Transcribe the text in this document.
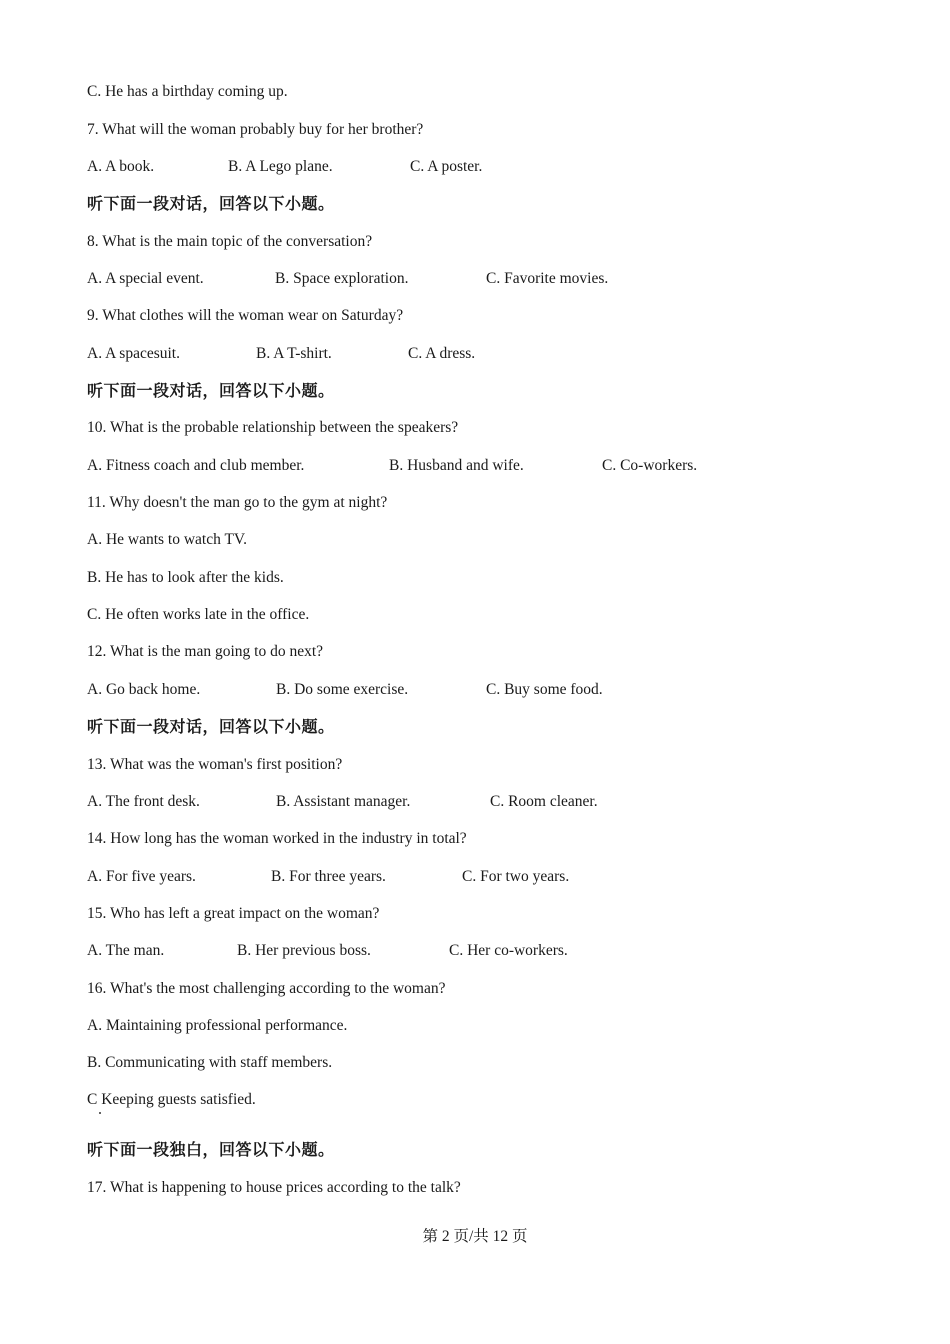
C. He has a birthday coming up.
7. What will the woman probably buy for her brother?
A. A book.	B. A Lego plane.	C. A poster.
听下面一段对话，回答以下小题。
8. What is the main topic of the conversation?
A. A special event.	B. Space exploration.	C. Favorite movies.
9. What clothes will the woman wear on Saturday?
A. A spacesuit.	B. A T-shirt.	C. A dress.
听下面一段对话，回答以下小题。
10. What is the probable relationship between the speakers?
A. Fitness coach and club member.	B. Husband and wife.	C. Co-workers.
11. Why doesn't the man go to the gym at night?
A. He wants to watch TV.
B. He has to look after the kids.
C. He often works late in the office.
12. What is the man going to do next?
A. Go back home.	B. Do some exercise.	C. Buy some food.
听下面一段对话，回答以下小题。
13. What was the woman's first position?
A. The front desk.	B. Assistant manager.	C. Room cleaner.
14. How long has the woman worked in the industry in total?
A. For five years.	B. For three years.	C. For two years.
15. Who has left a great impact on the woman?
A. The man.	B. Her previous boss.	C. Her co-workers.
16. What's the most challenging according to the woman?
A. Maintaining professional performance.
B. Communicating with staff members.
C Keeping guests satisfied.
听下面一段独白，回答以下小题。
17. What is happening to house prices according to the talk?
第 2 页/共 12 页
